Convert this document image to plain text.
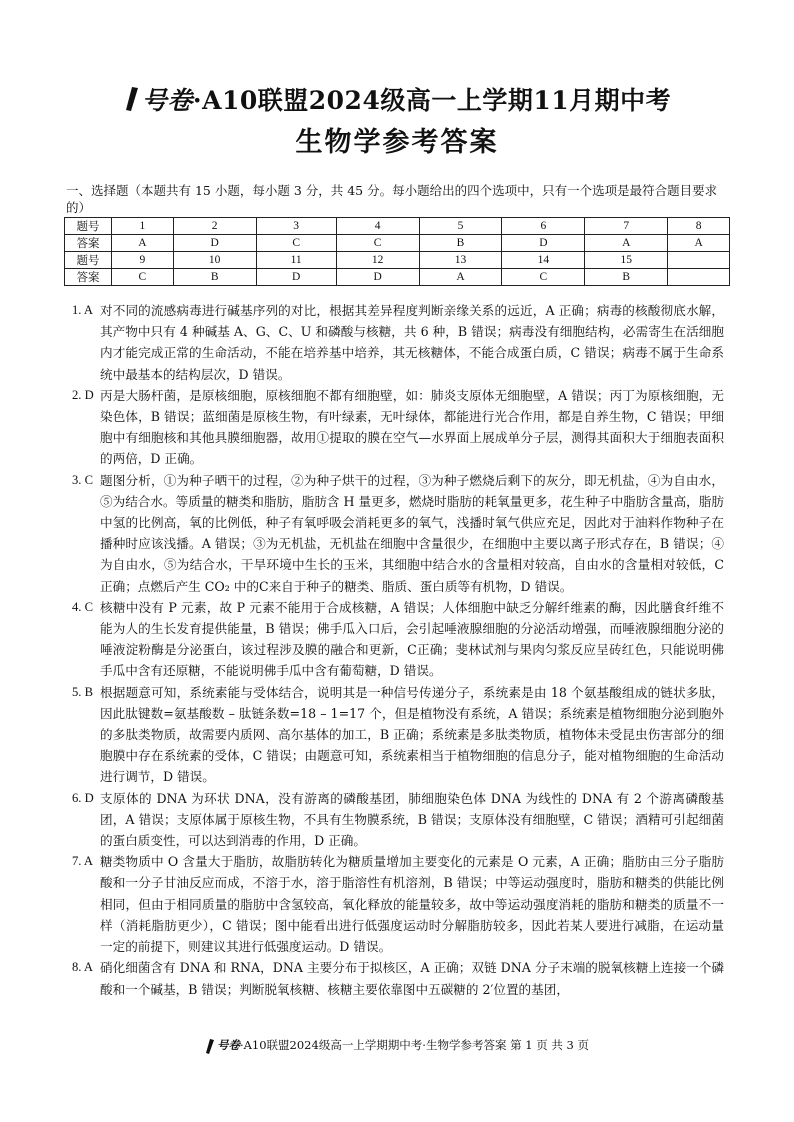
号卷·A10联盟2024级高一上学期11月期中考
生物学参考答案
一、选择题（本题共有 15 小题，每小题 3 分，共 45 分。每小题给出的四个选项中，只有一个选项是最符合题目要求的）
题号	1	2	3	4	5	6	7	8
答案	A	D	C	C	B	D	A	A
题号	9	10	11	12	13	14	15	
答案	C	B	D	D	A	C	B	
1. A 对不同的流感病毒进行碱基序列的对比，根据其差异程度判断亲缘关系的远近，A 正确；病毒的核酸彻底水解，其产物中只有 4 种碱基 A、G、C、U 和磷酸与核糖，共 6 种，B 错误；病毒没有细胞结构，必需寄生在活细胞内才能完成正常的生命活动，不能在培养基中培养，其无核糖体，不能合成蛋白质，C 错误；病毒不属于生命系统中最基本的结构层次，D 错误。
2. D 丙是大肠杆菌，是原核细胞，原核细胞不都有细胞壁，如：肺炎支原体无细胞壁，A 错误；丙丁为原核细胞，无染色体，B 错误；蓝细菌是原核生物，有叶绿素，无叶绿体，都能进行光合作用，都是自养生物，C 错误；甲细胞中有细胞核和其他具膜细胞器，故用①提取的膜在空气—水界面上展成单分子层，测得其面积大于细胞表面积的两倍，D 正确。
3. C 题图分析，①为种子晒干的过程，②为种子烘干的过程，③为种子燃烧后剩下的灰分，即无机盐，④为自由水，⑤为结合水。等质量的糖类和脂肪，脂肪含 H 量更多，燃烧时脂肪的耗氧量更多，花生种子中脂肪含量高，脂肪中氢的比例高，氧的比例低，种子有氧呼吸会消耗更多的氧气，浅播时氧气供应充足，因此对于油料作物种子在播种时应该浅播。A 错误；③为无机盐，无机盐在细胞中含量很少，在细胞中主要以离子形式存在，B 错误；④为自由水，⑤为结合水，干旱环境中生长的玉米，其细胞中结合水的含量相对较高，自由水的含量相对较低，C 正确；点燃后产生 CO₂ 中的C来自于种子的糖类、脂质、蛋白质等有机物，D 错误。
4. C 核糖中没有 P 元素，故 P 元素不能用于合成核糖，A 错误；人体细胞中缺乏分解纤维素的酶，因此膳食纤维不能为人的生长发育提供能量，B 错误；佛手瓜入口后，会引起唾液腺细胞的分泌活动增强，而唾液腺细胞分泌的唾液淀粉酶是分泌蛋白，该过程涉及膜的融合和更新，C正确；斐林试剂与果肉匀浆反应呈砖红色，只能说明佛手瓜中含有还原糖，不能说明佛手瓜中含有葡萄糖，D 错误。
5. B 根据题意可知，系统素能与受体结合，说明其是一种信号传递分子，系统素是由 18 个氨基酸组成的链状多肽，因此肽键数=氨基酸数 – 肽链条数=18 – 1=17 个，但是植物没有系统，A 错误；系统素是植物细胞分泌到胞外的多肽类物质，故需要内质网、高尔基体的加工，B 正确；系统素是多肽类物质，植物体未受昆虫伤害部分的细胞膜中存在系统素的受体，C 错误；由题意可知，系统素相当于植物细胞的信息分子，能对植物细胞的生命活动进行调节，D 错误。
6. D 支原体的 DNA 为环状 DNA，没有游离的磷酸基团，肺细胞染色体 DNA 为线性的 DNA 有 2 个游离磷酸基团，A 错误；支原体属于原核生物，不具有生物膜系统，B 错误；支原体没有细胞壁，C 错误；酒精可引起细菌的蛋白质变性，可以达到消毒的作用，D 正确。
7. A 糖类物质中 O 含量大于脂肪，故脂肪转化为糖质量增加主要变化的元素是 O 元素，A 正确；脂肪由三分子脂肪酸和一分子甘油反应而成，不溶于水，溶于脂溶性有机溶剂，B 错误；中等运动强度时，脂肪和糖类的供能比例相同，但由于相同质量的脂肪中含氢较高，氧化释放的能量较多，故中等运动强度消耗的脂肪和糖类的质量不一样（消耗脂肪更少），C 错误；图中能看出进行低强度运动时分解脂肪较多，因此若某人要进行减脂，在运动量一定的前提下，则建议其进行低强度运动。D 错误。
8. A 硝化细菌含有 DNA 和 RNA，DNA 主要分布于拟核区，A 正确；双链 DNA 分子末端的脱氧核糖上连接一个磷酸和一个碱基，B 错误；判断脱氧核糖、核糖主要依靠图中五碳糖的 2′位置的基团，
号卷·A10联盟2024级高一上学期期中考·生物学参考答案 第 1 页 共 3 页
